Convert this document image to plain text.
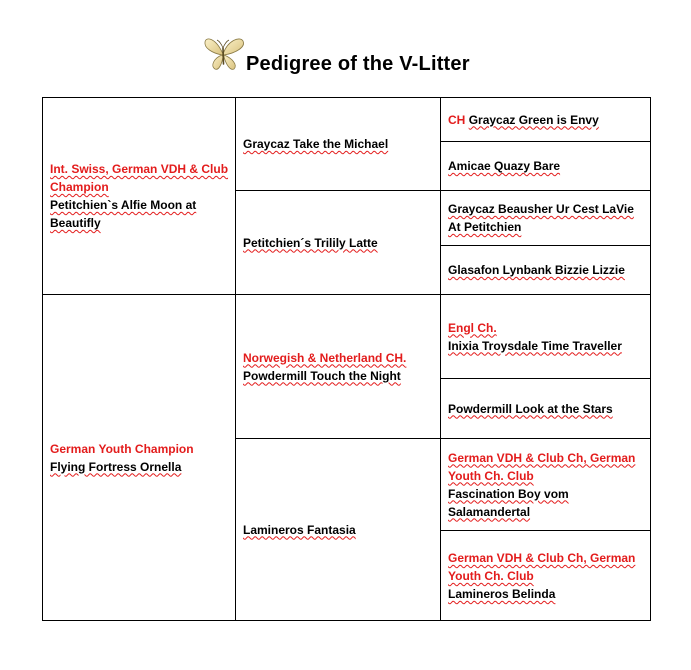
Pedigree of the V-Litter
Int. Swiss, German VDH & Club Champion
Petitchien`s Alfie Moon at Beautifly
German Youth Champion
Flying Fortress Ornella
Graycaz Take the Michael
Petitchien´s Trilily Latte
Norwegish & Netherland CH.
Powdermill Touch the Night
Lamineros Fantasia
CH Graycaz Green is Envy
Amicae Quazy Bare
Graycaz Beausher Ur Cest LaVie At Petitchien
Glasafon Lynbank Bizzie Lizzie
Engl Ch.
Inixia Troysdale Time Traveller
Powdermill Look at the Stars
German VDH & Club Ch, German Youth Ch. Club
Fascination Boy vom Salamandertal
German VDH & Club Ch, German Youth Ch. Club
Lamineros Belinda
